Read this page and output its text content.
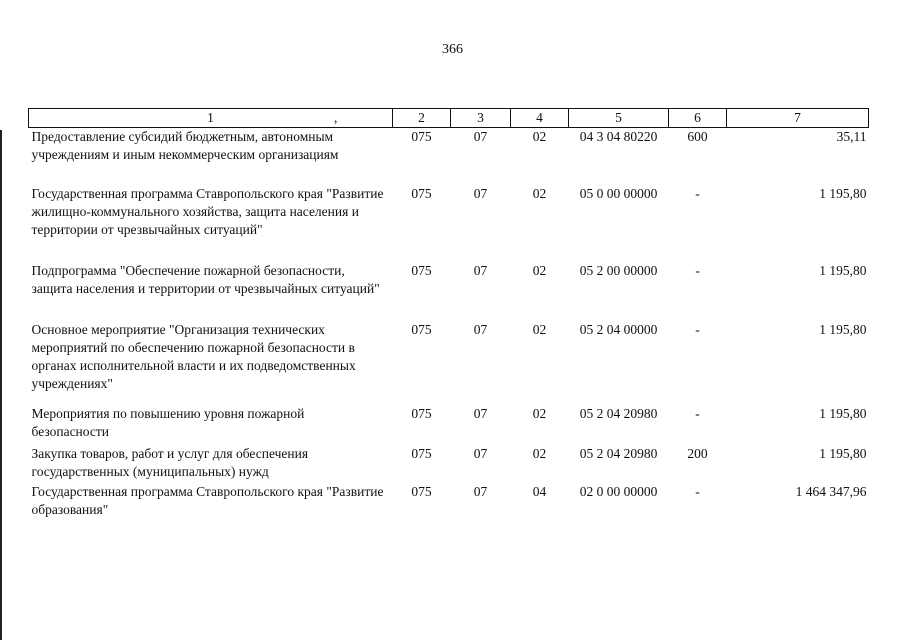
366
1 ,	2	3	4	5	6	7
Предоставление субсидий бюджетным, автономным учреждениям и иным некоммерческим организациям	075	07	02	04 3 04 80220	600	35,11
Государственная программа Ставропольского края "Развитие жилищно-коммунального хозяйства, защита населения и территории от чрезвычайных ситуаций"	075	07	02	05 0 00 00000	-	1 195,80
Подпрограмма "Обеспечение пожарной безопасности, защита населения и территории от чрезвычайных ситуаций"	075	07	02	05 2 00 00000	-	1 195,80
Основное мероприятие "Организация технических мероприятий по обеспечению пожарной безопасности в органах исполнительной власти и их подведомственных учреждениях"	075	07	02	05 2 04 00000	-	1 195,80
Мероприятия по повышению уровня пожарной безопасности	075	07	02	05 2 04 20980	-	1 195,80
Закупка товаров, работ и услуг для обеспечения государственных (муниципальных) нужд	075	07	02	05 2 04 20980	200	1 195,80
Государственная программа Ставропольского края "Развитие образования"	075	07	04	02 0 00 00000	-	1 464 347,96
